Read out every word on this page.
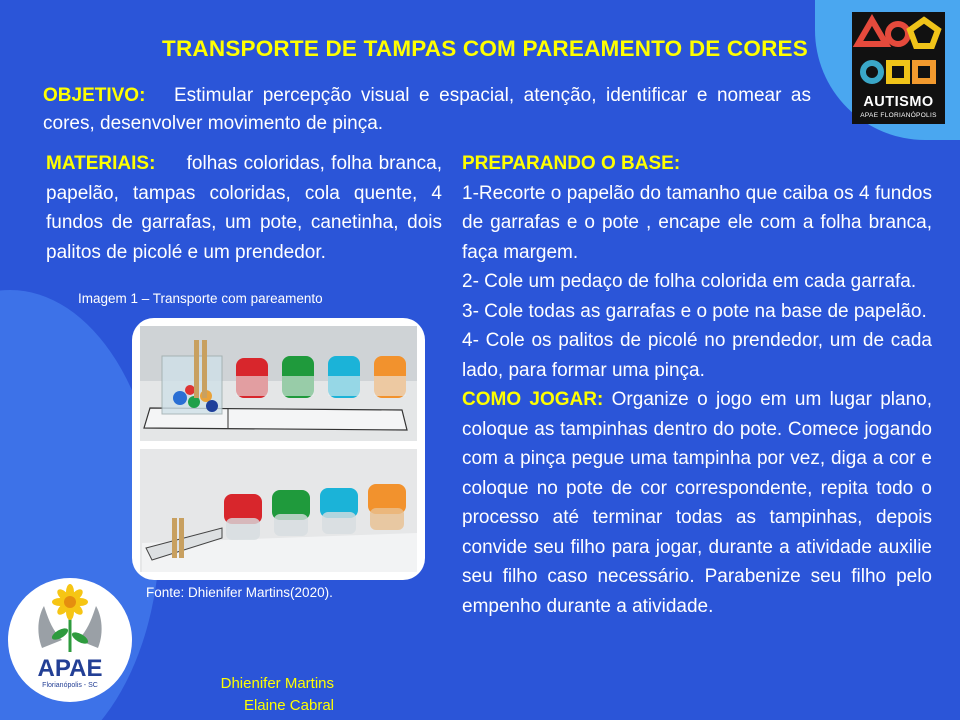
TRANSPORTE DE TAMPAS COM PAREAMENTO DE CORES
OBJETIVO: Estimular percepção visual e espacial, atenção, identificar e nomear as cores, desenvolver movimento de pinça.
MATERIAIS: folhas coloridas, folha branca, papelão, tampas coloridas, cola quente, 4 fundos de garrafas, um pote, canetinha, dois palitos de picolé e um prendedor.
Imagem 1 – Transporte com pareamento
Fonte: Dhienifer Martins(2020).

PREPARANDO O BASE:

1-Recorte o papelão do tamanho que caiba os 4 fundos de garrafas e o pote , encape ele com a folha branca, faça margem.

2- Cole um pedaço de folha colorida em cada garrafa.

3- Cole todas as garrafas e o pote na base de papelão.

4- Cole os palitos de picolé no prendedor, um de cada lado, para formar uma pinça.

COMO JOGAR: Organize o jogo em um lugar plano, coloque as tampinhas dentro do pote. Comece jogando com a pinça pegue uma tampinha por vez, diga a cor e coloque no pote de cor correspondente, repita todo o processo até terminar todas as tampinhas, depois convide seu filho para jogar, durante a atividade auxilie seu filho caso necessário. Parabenize seu filho pelo empenho durante a atividade.

AUTISMO
APAE FLORIANÓPOLIS
APAE
Florianópolis - SC	Dhienifer Martins
Elaine Cabral
